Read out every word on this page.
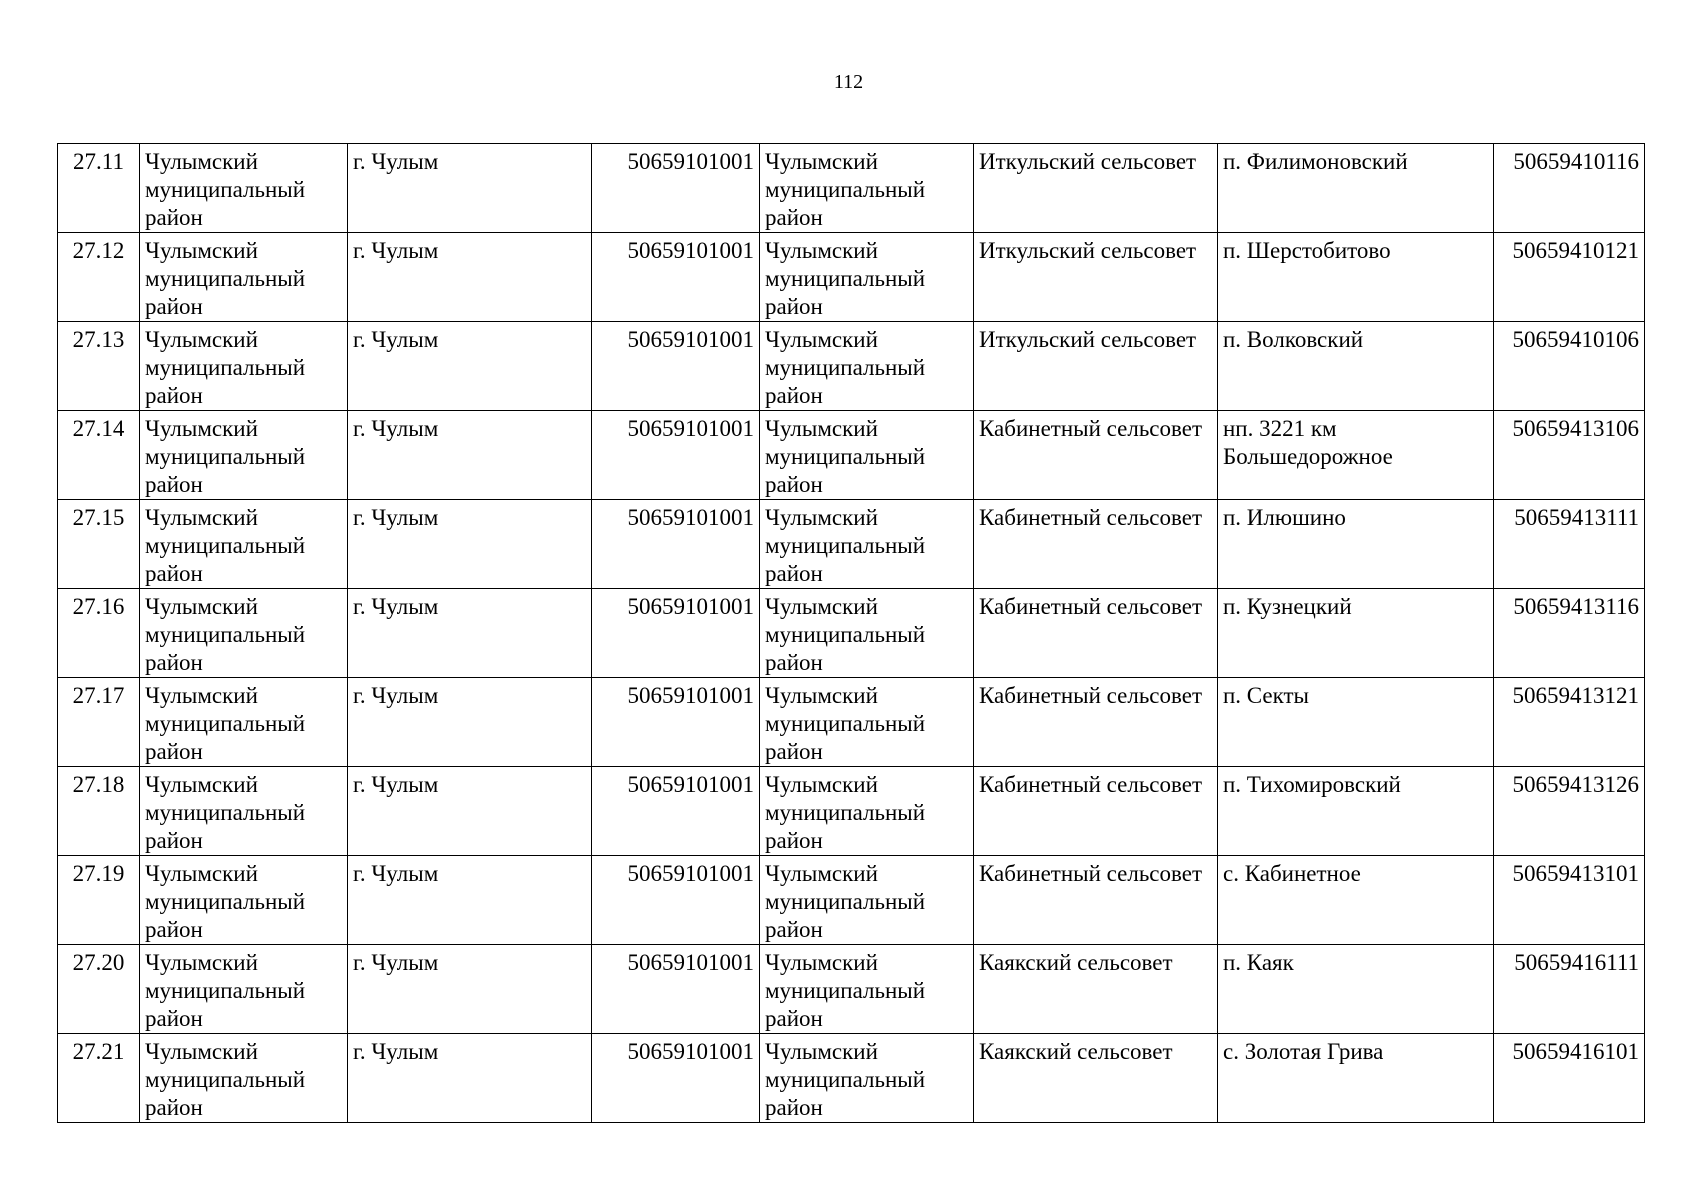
112
27.11	Чулымский муниципальный район	г. Чулым	50659101001	Чулымский муниципальный район	Иткульский сельсовет	п. Филимоновский	50659410116
27.12	Чулымский муниципальный район	г. Чулым	50659101001	Чулымский муниципальный район	Иткульский сельсовет	п. Шерстобитово	50659410121
27.13	Чулымский муниципальный район	г. Чулым	50659101001	Чулымский муниципальный район	Иткульский сельсовет	п. Волковский	50659410106
27.14	Чулымский муниципальный район	г. Чулым	50659101001	Чулымский муниципальный район	Кабинетный сельсовет	нп. 3221 км Большедорожное	50659413106
27.15	Чулымский муниципальный район	г. Чулым	50659101001	Чулымский муниципальный район	Кабинетный сельсовет	п. Илюшино	50659413111
27.16	Чулымский муниципальный район	г. Чулым	50659101001	Чулымский муниципальный район	Кабинетный сельсовет	п. Кузнецкий	50659413116
27.17	Чулымский муниципальный район	г. Чулым	50659101001	Чулымский муниципальный район	Кабинетный сельсовет	п. Секты	50659413121
27.18	Чулымский муниципальный район	г. Чулым	50659101001	Чулымский муниципальный район	Кабинетный сельсовет	п. Тихомировский	50659413126
27.19	Чулымский муниципальный район	г. Чулым	50659101001	Чулымский муниципальный район	Кабинетный сельсовет	с. Кабинетное	50659413101
27.20	Чулымский муниципальный район	г. Чулым	50659101001	Чулымский муниципальный район	Каякский сельсовет	п. Каяк	50659416111
27.21	Чулымский муниципальный район	г. Чулым	50659101001	Чулымский муниципальный район	Каякский сельсовет	с. Золотая Грива	50659416101
